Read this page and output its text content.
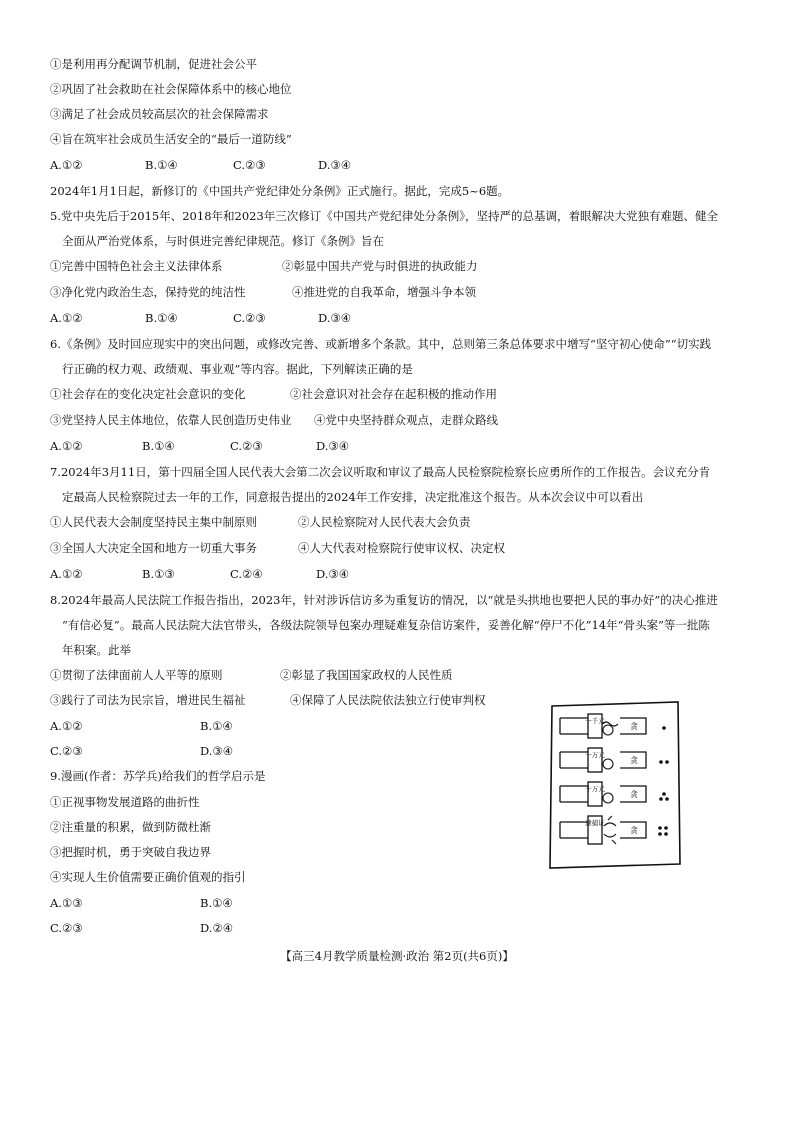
①是利用再分配调节机制，促进社会公平
②巩固了社会救助在社会保障体系中的核心地位
③满足了社会成员较高层次的社会保障需求
④旨在筑牢社会成员生活安全的“最后一道防线”
A.①②	B.①④	C.②③	D.③④
2024年1月1日起，新修订的《中国共产党纪律处分条例》正式施行。据此，完成5~6题。
5.党中央先后于2015年、2018年和2023年三次修订《中国共产党纪律处分条例》，坚持严的总基调，着眼解决大党独有难题、健全
全面从严治党体系，与时俱进完善纪律规范。修订《条例》旨在
①完善中国特色社会主义法律体系	②彰显中国共产党与时俱进的执政能力
③净化党内政治生态，保持党的纯洁性	④推进党的自我革命，增强斗争本领
A.①②	B.①④	C.②③	D.③④
6.《条例》及时回应现实中的突出问题，或修改完善、或新增多个条款。其中，总则第三条总体要求中增写“坚守初心使命”“切实践
行正确的权力观、政绩观、事业观”等内容。据此，下列解读正确的是
①社会存在的变化决定社会意识的变化	②社会意识对社会存在起积极的推动作用
③党坚持人民主体地位，依靠人民创造历史伟业 ④党中央坚持群众观点，走群众路线
A.①②	B.①④	C.②③	D.③④
7.2024年3月11日，第十四届全国人民代表大会第二次会议听取和审议了最高人民检察院检察长应勇所作的工作报告。会议充分肯
定最高人民检察院过去一年的工作，同意报告提出的2024年工作安排，决定批准这个报告。从本次会议中可以看出
①人民代表大会制度坚持民主集中制原则	②人民检察院对人民代表大会负责
③全国人大决定全国和地方一切重大事务	④人大代表对检察院行使审议权、决定权
A.①②	B.①③	C.②④	D.③④
8.2024年最高人民法院工作报告指出，2023年，针对涉诉信访多为重复访的情况，以“就是头拱地也要把人民的事办好”的决心推进
“有信必复”。最高人民法院大法官带头，各级法院领导包案办理疑难复杂信访案件，妥善化解“停尸不化”14年“骨头案”等一批陈
年积案。此举
①贯彻了法律面前人人平等的原则	②彰显了我国国家政权的人民性质
③践行了司法为民宗旨，增进民生福祉	④保障了人民法院依法独立行使审判权
A.①②	B.①④
C.②③	D.③④
9.漫画(作者：苏学兵)给我们的哲学启示是
①正视事物发展道路的曲折性
②注重量的积累，做到防微杜渐
③把握时机，勇于突破自我边界
④实现人生价值需要正确价值观的指引
A.①③	B.①④
C.②③	D.②④
一千元
贪
一万元
贪
十万元
贪
逮捕证
贪
【高三4月教学质量检测·政治 第2页(共6页)】
